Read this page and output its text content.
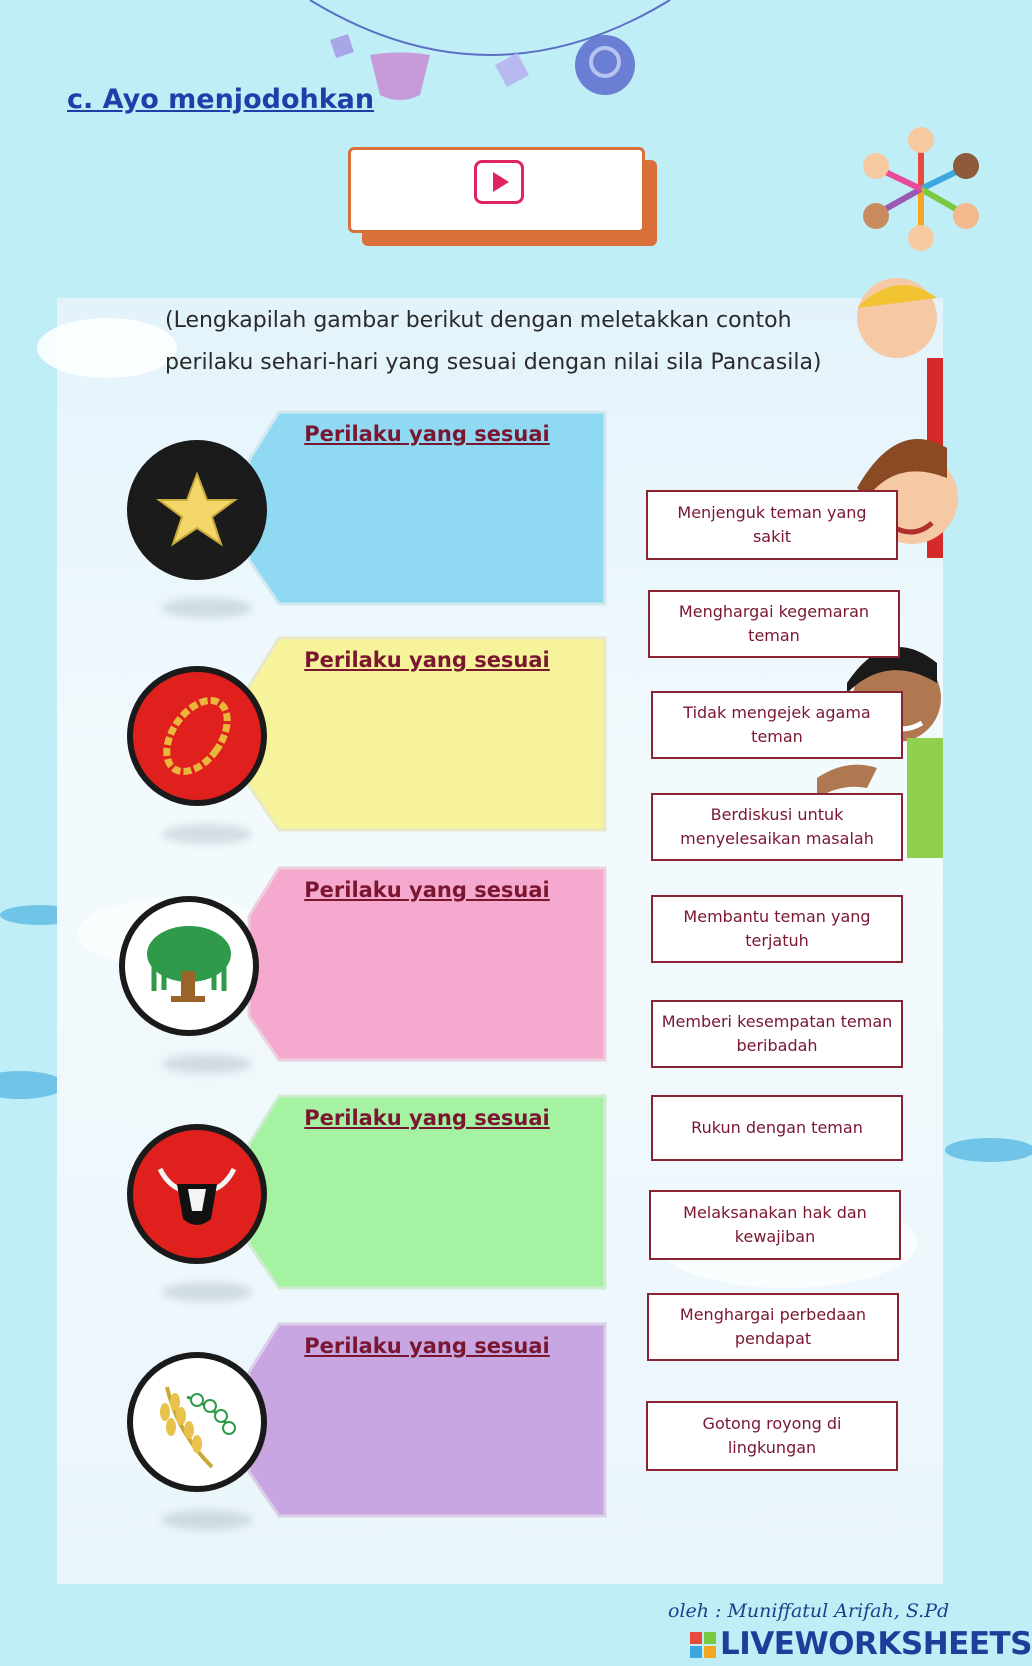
c. Ayo menjodohkan
(Lengkapilah gambar berikut dengan meletakkan contoh perilaku sehari-hari yang sesuai dengan nilai sila Pancasila)
Perilaku yang sesuai
Perilaku yang sesuai
Perilaku yang sesuai
Perilaku yang sesuai
Perilaku yang sesuai
Menjenguk teman yang sakit
Menghargai kegemaran teman
Tidak mengejek agama teman
Berdiskusi untuk menyelesaikan masalah
Membantu teman yang terjatuh
Memberi kesempatan teman beribadah
Rukun dengan teman
Melaksanakan hak dan kewajiban
Menghargai perbedaan pendapat
Gotong royong di lingkungan
oleh : Muniffatul Arifah, S.Pd
LIVEWORKSHEETS
